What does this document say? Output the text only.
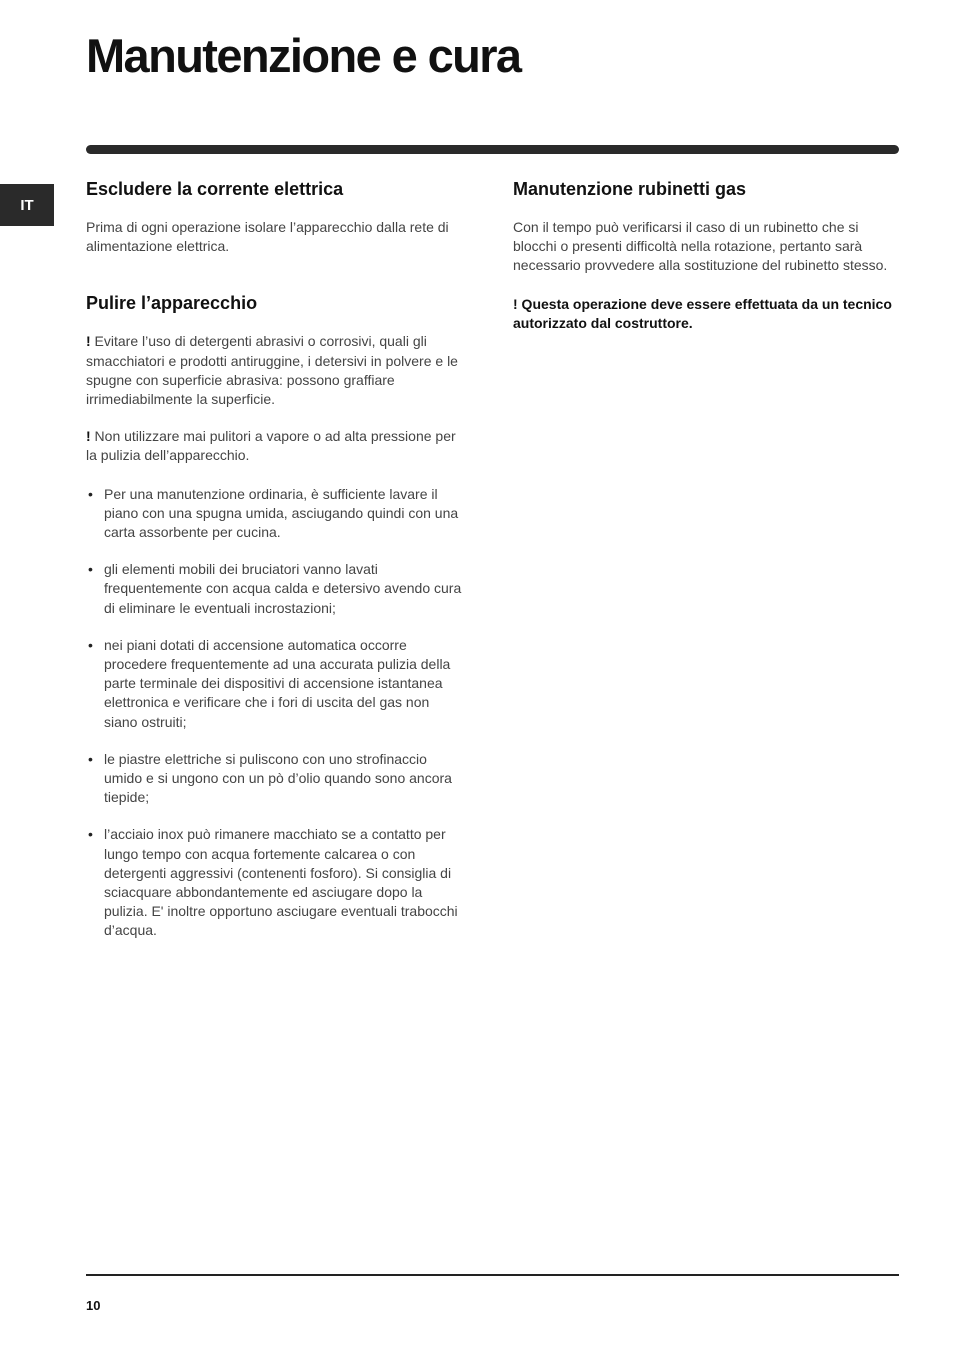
Manutenzione e cura
IT
Escludere la corrente elettrica

Prima di ogni operazione isolare l’apparecchio dalla rete di alimentazione elettrica.

Pulire l’apparecchio

! Evitare l’uso di detergenti abrasivi o corrosivi, quali gli smacchiatori e prodotti antiruggine, i detersivi in polvere e le spugne con superficie abrasiva: possono graffiare irrimediabilmente la superficie.

! Non utilizzare mai pulitori a vapore o ad alta pressione per la pulizia dell’apparecchio.

• Per una manutenzione ordinaria, è sufficiente lavare il piano con una spugna umida, asciugando quindi con una carta assorbente per cucina.
• gli elementi mobili dei bruciatori vanno lavati frequentemente con acqua calda e detersivo avendo cura di eliminare le eventuali incrostazioni;
• nei piani dotati di accensione automatica occorre procedere frequentemente ad una accurata pulizia della parte terminale dei dispositivi di accensione istantanea elettronica e verificare che i fori di uscita del gas non siano ostruiti;
• le piastre elettriche si puliscono con uno strofinaccio umido e si ungono con un pò d’olio quando sono ancora tiepide;
• l’acciaio inox può rimanere macchiato se a contatto per lungo tempo con acqua fortemente calcarea o con detergenti aggressivi (contenenti fosforo). Si consiglia di sciacquare abbondantemente ed asciugare dopo la pulizia. E' inoltre opportuno asciugare eventuali trabocchi d’acqua.
Manutenzione rubinetti gas

Con il tempo può verificarsi il caso di un rubinetto che si blocchi o presenti difficoltà nella rotazione, pertanto sarà necessario provvedere alla sostituzione del rubinetto stesso.

! Questa operazione deve essere effettuata da un tecnico autorizzato dal costruttore.

10
